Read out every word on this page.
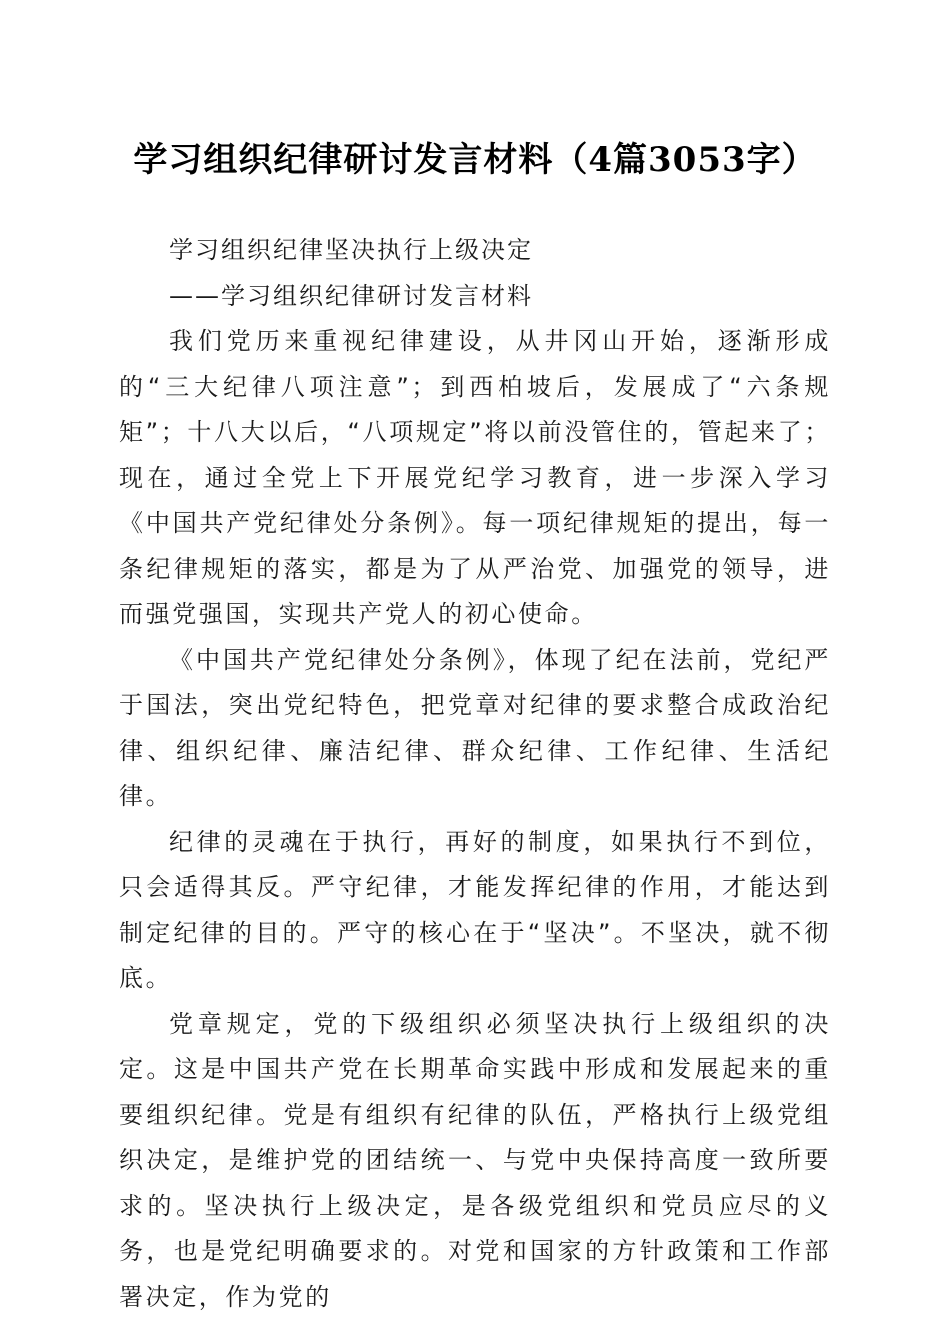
学习组织纪律研讨发言材料（4篇3053字）

学习组织纪律坚决执行上级决定

——学习组织纪律研讨发言材料

我们党历来重视纪律建设，从井冈山开始，逐渐形成的“三大纪律八项注意”；到西柏坡后，发展成了“六条规矩”；十八大以后，“八项规定”将以前没管住的，管起来了；现在，通过全党上下开展党纪学习教育，进一步深入学习《中国共产党纪律处分条例》。每一项纪律规矩的提出，每一条纪律规矩的落实，都是为了从严治党、加强党的领导，进而强党强国，实现共产党人的初心使命。

《中国共产党纪律处分条例》，体现了纪在法前，党纪严于国法，突出党纪特色，把党章对纪律的要求整合成政治纪律、组织纪律、廉洁纪律、群众纪律、工作纪律、生活纪律。

纪律的灵魂在于执行，再好的制度，如果执行不到位，只会适得其反。严守纪律，才能发挥纪律的作用，才能达到制定纪律的目的。严守的核心在于“坚决”。不坚决，就不彻底。

党章规定，党的下级组织必须坚决执行上级组织的决定。这是中国共产党在长期革命实践中形成和发展起来的重要组织纪律。党是有组织有纪律的队伍，严格执行上级党组织决定，是维护党的团结统一、与党中央保持高度一致所要求的。坚决执行上级决定，是各级党组织和党员应尽的义务，也是党纪明确要求的。对党和国家的方针政策和工作部署决定，作为党的
